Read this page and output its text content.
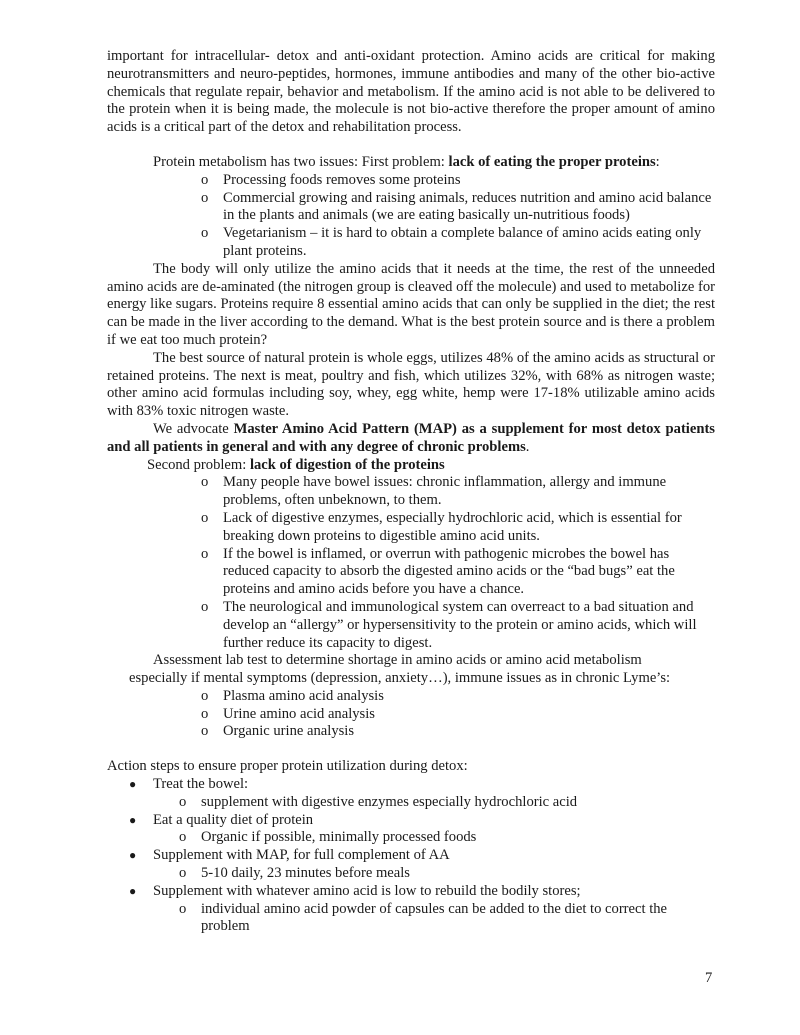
important for intracellular- detox and anti-oxidant protection. Amino acids are critical for making neurotransmitters and neuro-peptides, hormones, immune antibodies and many of the other bio-active chemicals that regulate repair, behavior and metabolism. If the amino acid is not able to be delivered to the protein when it is being made, the molecule is not bio-active therefore the proper amount of amino acids is a critical part of the detox and rehabilitation process.

Protein metabolism has two issues: First problem: lack of eating the proper proteins:

o Processing foods removes some proteins
o Commercial growing and raising animals, reduces nutrition and amino acid balance in the plants and animals (we are eating basically un-nutritious foods)
o Vegetarianism – it is hard to obtain a complete balance of amino acids eating only plant proteins.

The body will only utilize the amino acids that it needs at the time, the rest of the unneeded amino acids are de-aminated (the nitrogen group is cleaved off the molecule) and used to metabolize for energy like sugars. Proteins require 8 essential amino acids that can only be supplied in the diet; the rest can be made in the liver according to the demand. What is the best protein source and is there a problem if we eat too much protein?

The best source of natural protein is whole eggs, utilizes 48% of the amino acids as structural or retained proteins. The next is meat, poultry and fish, which utilizes 32%, with 68% as nitrogen waste; other amino acid formulas including soy, whey, egg white, hemp were 17-18% utilizable amino acids with 83% toxic nitrogen waste.

We advocate Master Amino Acid Pattern (MAP) as a supplement for most detox patients and all patients in general and with any degree of chronic problems.

Second problem: lack of digestion of the proteins

o Many people have bowel issues: chronic inflammation, allergy and immune problems, often unbeknown, to them.
o Lack of digestive enzymes, especially hydrochloric acid, which is essential for breaking down proteins to digestible amino acid units.
o If the bowel is inflamed, or overrun with pathogenic microbes the bowel has reduced capacity to absorb the digested amino acids or the “bad bugs” eat the proteins and amino acids before you have a chance.
o The neurological and immunological system can overreact to a bad situation and develop an “allergy” or hypersensitivity to the protein or amino acids, which will further reduce its capacity to digest.

Assessment lab test to determine shortage in amino acids or amino acid metabolism

especially if mental symptoms (depression, anxiety…), immune issues as in chronic Lyme’s:

o Plasma amino acid analysis
o Urine amino acid analysis
o Organic urine analysis

Action steps to ensure proper protein utilization during detox:

● Treat the bowel:
o supplement with digestive enzymes especially hydrochloric acid
● Eat a quality diet of protein
o Organic if possible, minimally processed foods
● Supplement with MAP, for full complement of AA
o 5-10 daily, 23 minutes before meals
● Supplement with whatever amino acid is low to rebuild the bodily stores;
o individual amino acid powder of capsules can be added to the diet to correct the problem
7
